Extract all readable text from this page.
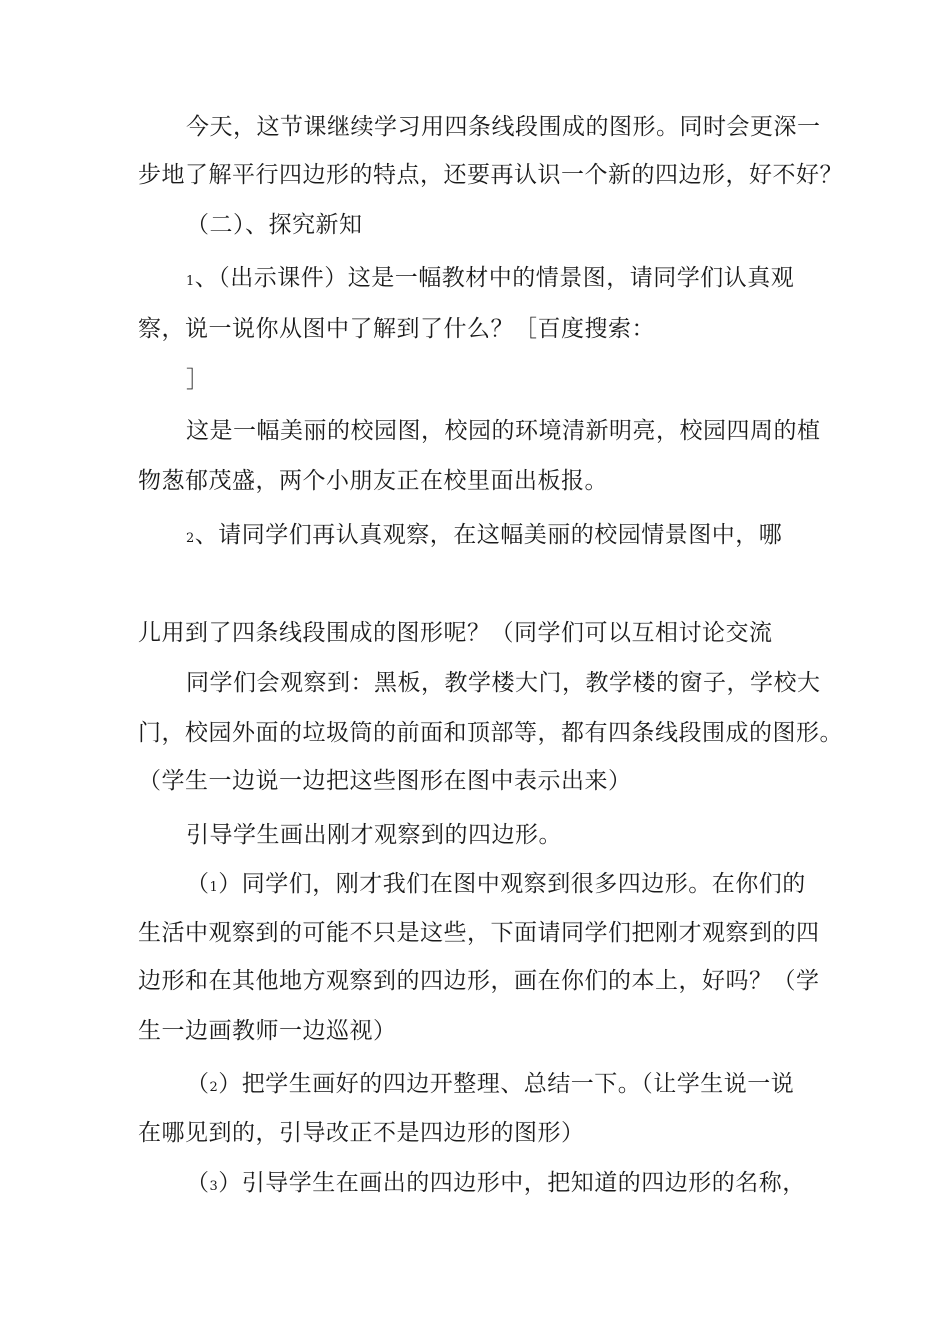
今天，这节课继续学习用四条线段围成的图形。同时会更深一
步地了解平行四边形的特点，还要再认识一个新的四边形，好不好？
（二）、探究新知
1、（出示课件）这是一幅教材中的情景图，请同学们认真观
察，说一说你从图中了解到了什么？［百度搜索：
］
这是一幅美丽的校园图，校园的环境清新明亮，校园四周的植
物葱郁茂盛，两个小朋友正在校里面出板报。
2、请同学们再认真观察，在这幅美丽的校园情景图中，哪
儿用到了四条线段围成的图形呢？（同学们可以互相讨论交流
同学们会观察到：黑板，教学楼大门，教学楼的窗子，学校大
门，校园外面的垃圾筒的前面和顶部等，都有四条线段围成的图形。
（学生一边说一边把这些图形在图中表示出来）
引导学生画出刚才观察到的四边形。
（1）同学们，刚才我们在图中观察到很多四边形。在你们的
生活中观察到的可能不只是这些，下面请同学们把刚才观察到的四
边形和在其他地方观察到的四边形，画在你们的本上，好吗？（学
生一边画教师一边巡视）
（2）把学生画好的四边开整理、总结一下。（让学生说一说
在哪见到的，引导改正不是四边形的图形）
（3）引导学生在画出的四边形中，把知道的四边形的名称，
